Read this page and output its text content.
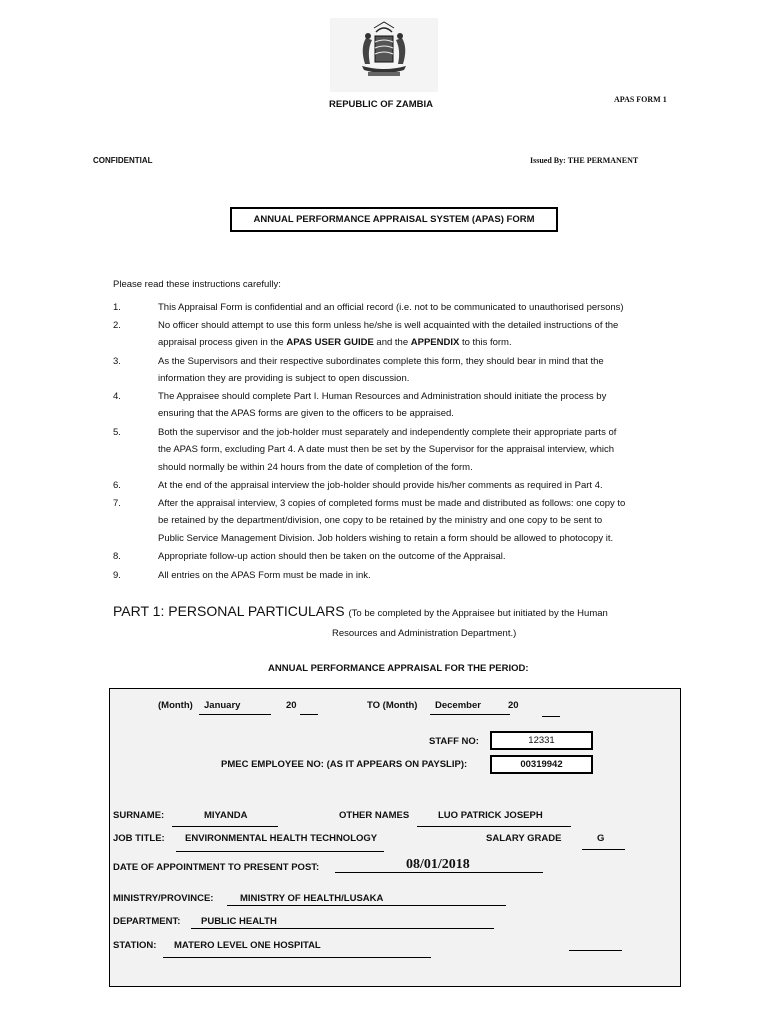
REPUBLIC OF ZAMBIA	APAS FORM 1
CONFIDENTIAL	Issued By: THE PERMANENT
ANNUAL PERFORMANCE APPRAISAL SYSTEM (APAS) FORM
Please read these instructions carefully:
1.	This Appraisal Form is confidential and an official record (i.e. not to be communicated to unauthorised persons)
2.	No officer should attempt to use this form unless he/she is well acquainted with the detailed instructions of the
appraisal process given in the APAS USER GUIDE and the APPENDIX to this form.
3.	As the Supervisors and their respective subordinates complete this form, they should bear in mind that the
information they are providing is subject to open discussion.
4.	The Appraisee should complete Part I. Human Resources and Administration should initiate the process by
ensuring that the APAS forms are given to the officers to be appraised.
5.	Both the supervisor and the job-holder must separately and independently complete their appropriate parts of
the APAS form, excluding Part 4. A date must then be set by the Supervisor for the appraisal interview, which
should normally be within 24 hours from the date of completion of the form.
6.	At the end of the appraisal interview the job-holder should provide his/her comments as required in Part 4.
7.	After the appraisal interview, 3 copies of completed forms must be made and distributed as follows: one copy to
be retained by the department/division, one copy to be retained by the ministry and one copy to be sent to
Public Service Management Division. Job holders wishing to retain a form should be allowed to photocopy it.
8.	Appropriate follow-up action should then be taken on the outcome of the Appraisal.
9.	All entries on the APAS Form must be made in ink.
PART 1: PERSONAL PARTICULARS (To be completed by the Appraisee but initiated by the Human
Resources and Administration Department.)
ANNUAL PERFORMANCE APPRAISAL FOR THE PERIOD:
(Month) January	20	TO (Month) December	20
STAFF NO:	12331
PMEC EMPLOYEE NO: (AS IT APPEARS ON PAYSLIP):	00319942
SURNAME:	MIYANDA	OTHER NAMES	LUO PATRICK JOSEPH
JOB TITLE: ENVIRONMENTAL HEALTH TECHNOLOGY	SALARY GRADE	G
DATE OF APPOINTMENT TO PRESENT POST:	08/01/2018
MINISTRY/PROVINCE:	MINISTRY OF HEALTH/LUSAKA
DEPARTMENT: PUBLIC HEALTH
STATION: MATERO LEVEL ONE HOSPITAL
